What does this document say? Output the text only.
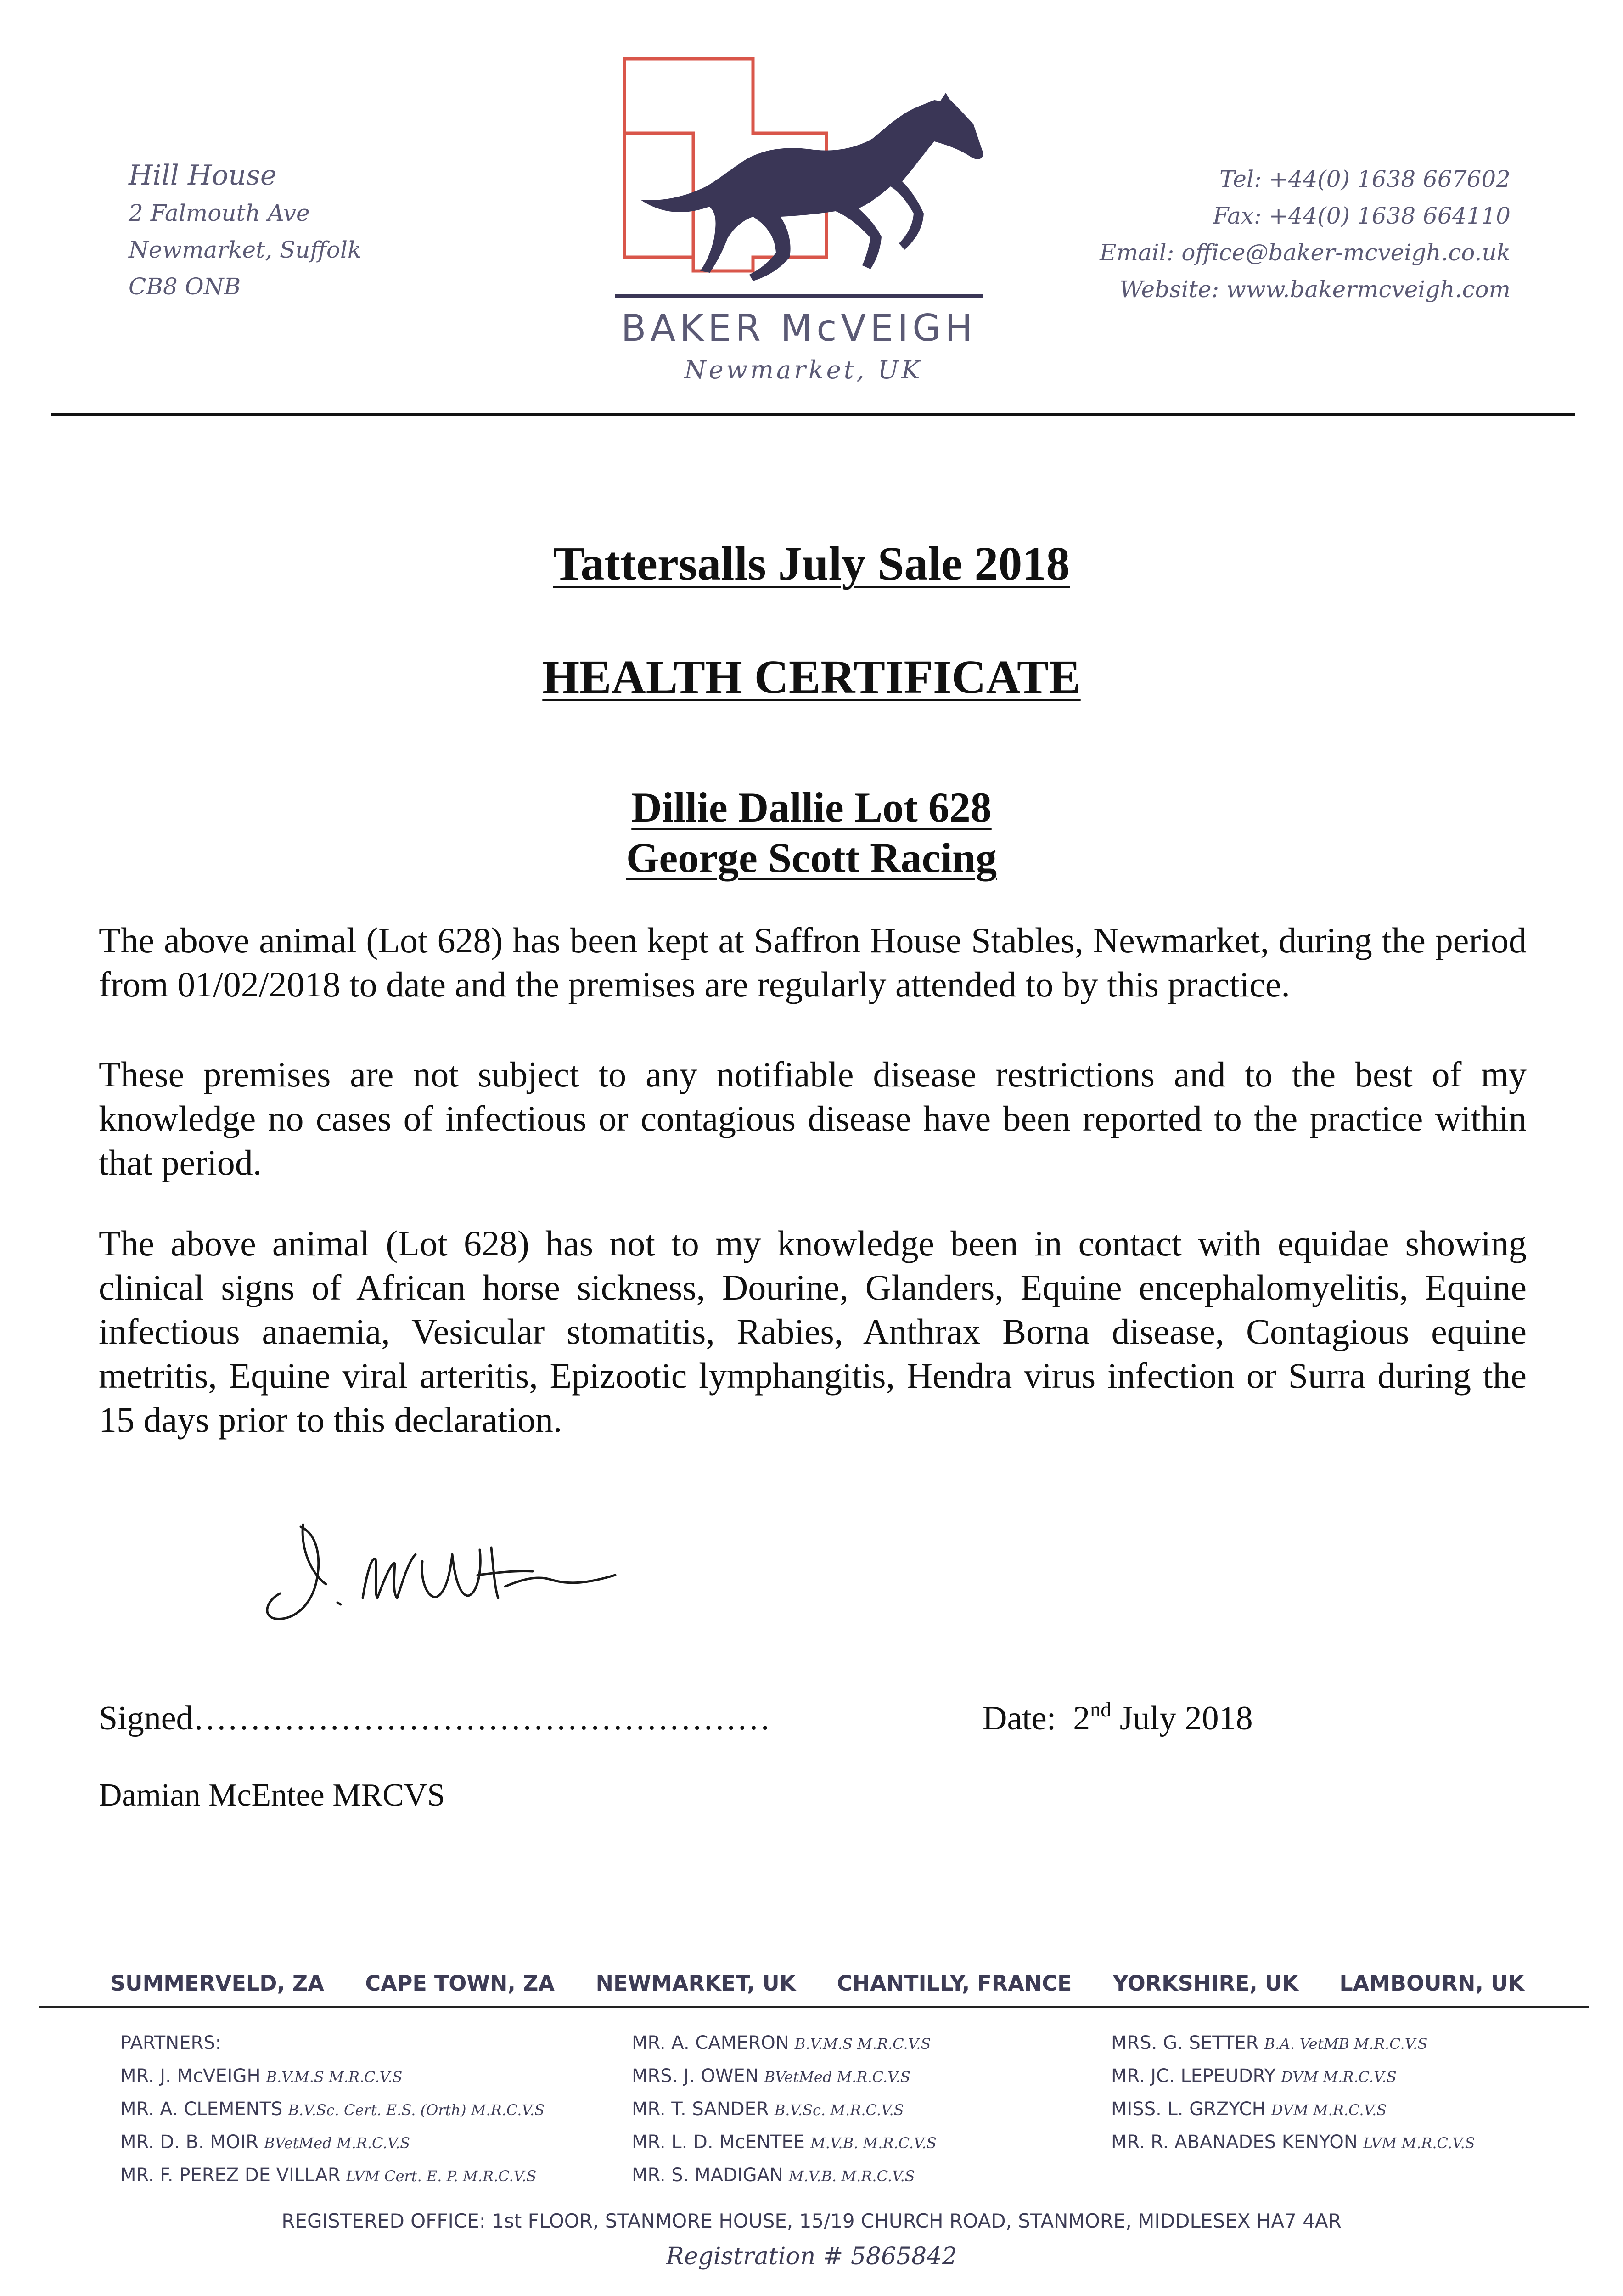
Hill House
2 Falmouth Ave
Newmarket, Suffolk
CB8 ONB
BAKER McVEIGH
Newmarket, UK
Tel: +44(0) 1638 667602
Fax: +44(0) 1638 664110
Email: office@baker-mcveigh.co.uk
Website: www.bakermcveigh.com
Tattersalls July Sale 2018
HEALTH CERTIFICATE
Dillie Dallie Lot 628
George Scott Racing
The above animal (Lot 628) has been kept at Saffron House Stables, Newmarket, during the period from 01/02/2018 to date and the premises are regularly attended to by this practice.
These premises are not subject to any notifiable disease restrictions and to the best of my knowledge no cases of infectious or contagious disease have been reported to the practice within that period.
The above animal (Lot 628) has not to my knowledge been in contact with equidae showing clinical signs of African horse sickness, Dourine, Glanders, Equine encephalomyelitis, Equine infectious anaemia, Vesicular stomatitis, Rabies, Anthrax Borna disease, Contagious equine metritis, Equine viral arteritis, Epizootic lymphangitis, Hendra virus infection or Surra during the 15 days prior to this declaration.
Signed……………………………………………	Date: 2nd July 2018
Damian McEntee MRCVS
SUMMERVELD, ZA CAPE TOWN, ZA NEWMARKET, UK CHANTILLY, FRANCE YORKSHIRE, UK LAMBOURN, UK
PARTNERS:
MR. J. McVEIGH B.V.M.S M.R.C.V.S
MR. A. CLEMENTS B.V.Sc. Cert. E.S. (Orth) M.R.C.V.S
MR. D. B. MOIR BVetMed M.R.C.V.S
MR. F. PEREZ DE VILLAR LVM Cert. E. P. M.R.C.V.S
MR. A. CAMERON B.V.M.S M.R.C.V.S
MRS. J. OWEN BVetMed M.R.C.V.S
MR. T. SANDER B.V.Sc. M.R.C.V.S
MR. L. D. McENTEE M.V.B. M.R.C.V.S
MR. S. MADIGAN M.V.B. M.R.C.V.S
MRS. G. SETTER B.A. VetMB M.R.C.V.S
MR. JC. LEPEUDRY DVM M.R.C.V.S
MISS. L. GRZYCH DVM M.R.C.V.S
MR. R. ABANADES KENYON LVM M.R.C.V.S
REGISTERED OFFICE: 1st FLOOR, STANMORE HOUSE, 15/19 CHURCH ROAD, STANMORE, MIDDLESEX HA7 4AR
Registration # 5865842
